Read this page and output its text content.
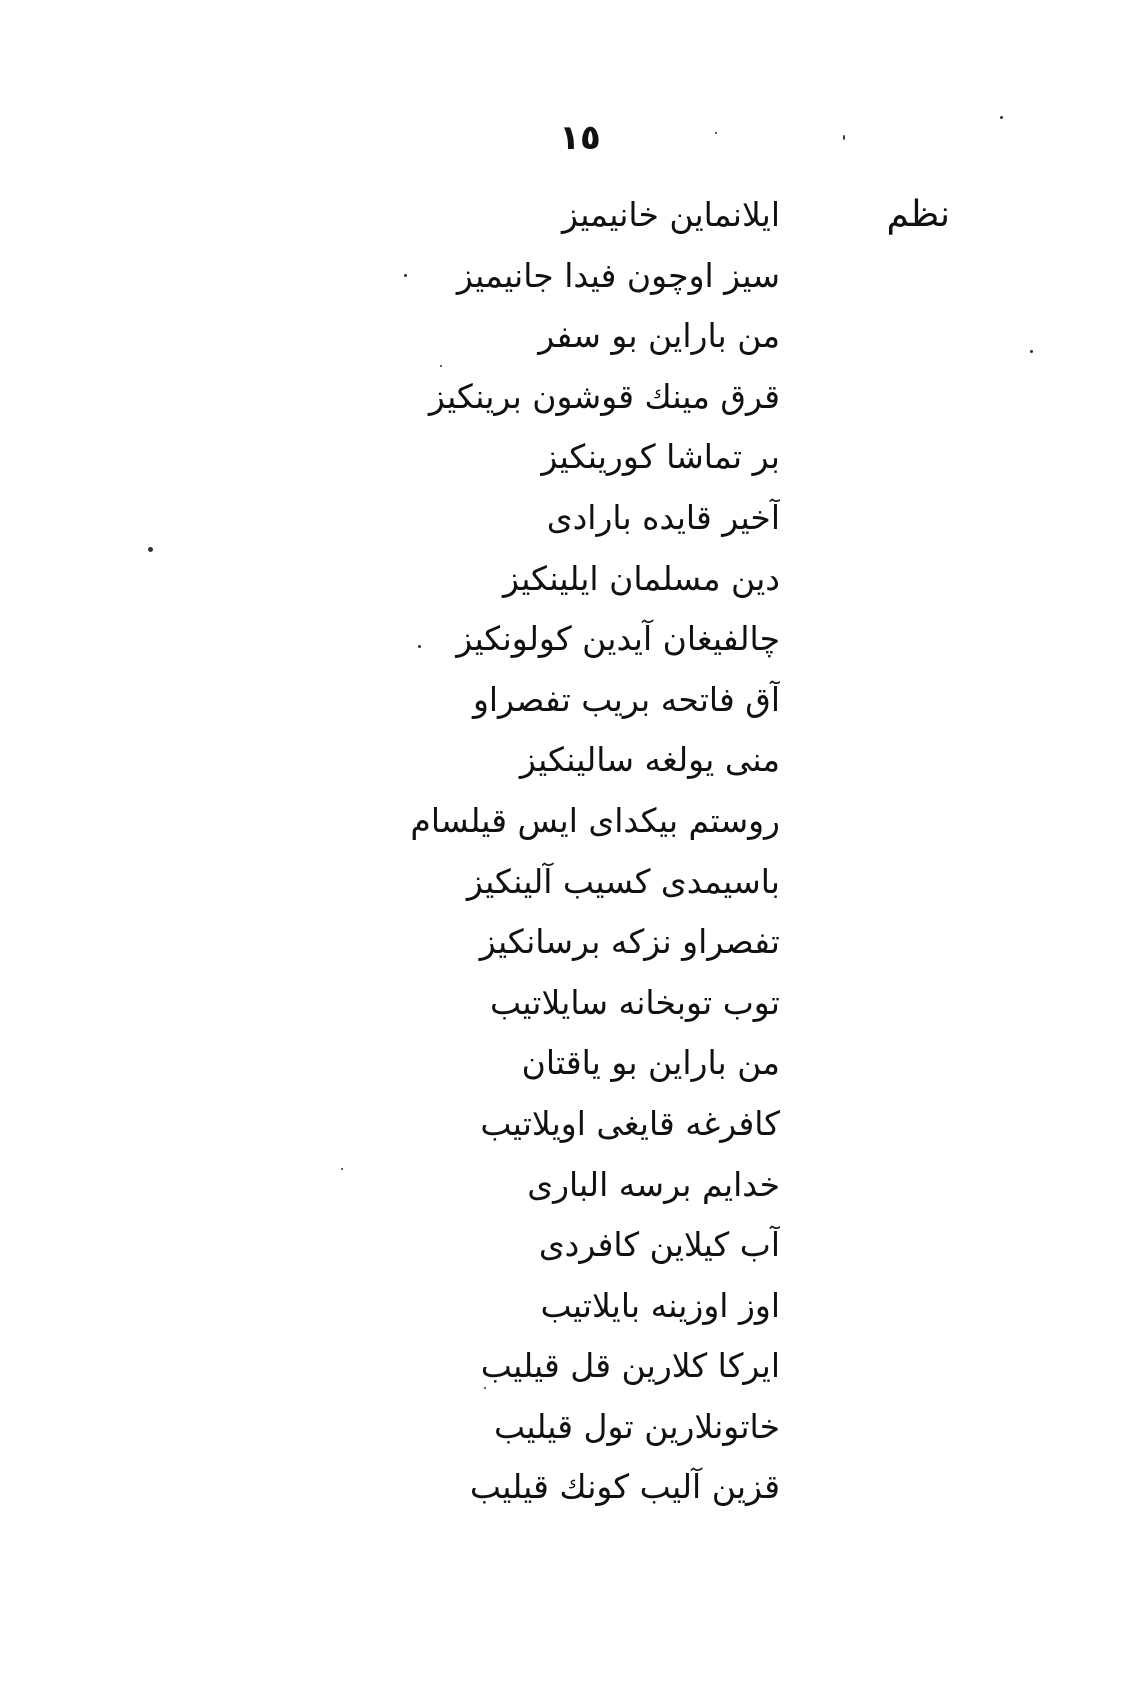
١٥
نظم
ایلانماین خانیمیز
سیز اوچون فیدا جانیمیز
من باراین بو سفر
قرق مینك قوشون برینکیز
بر تماشا کورینکیز
آخیر قایده بارادی
دین مسلمان ایلینکیز
چالفیغان آیدین کولونکیز
آق فاتحه بریب تفصراو
منی یولغه سالینکیز
روستم بیکدای ایس قیلسام
باسیمدی کسیب آلینکیز
تفصراو نزکه برسانکیز
توب توبخانه سایلاتیب
من باراین بو یاقتان
کافرغه قایغی اویلاتیب
خدایم برسه الباری
آب کیلاین کافردی
اوز اوزینه بایلاتیب
ایرکا کلارین قل قیلیب
خاتونلارین تول قیلیب
قزین آلیب کونك قیلیب
